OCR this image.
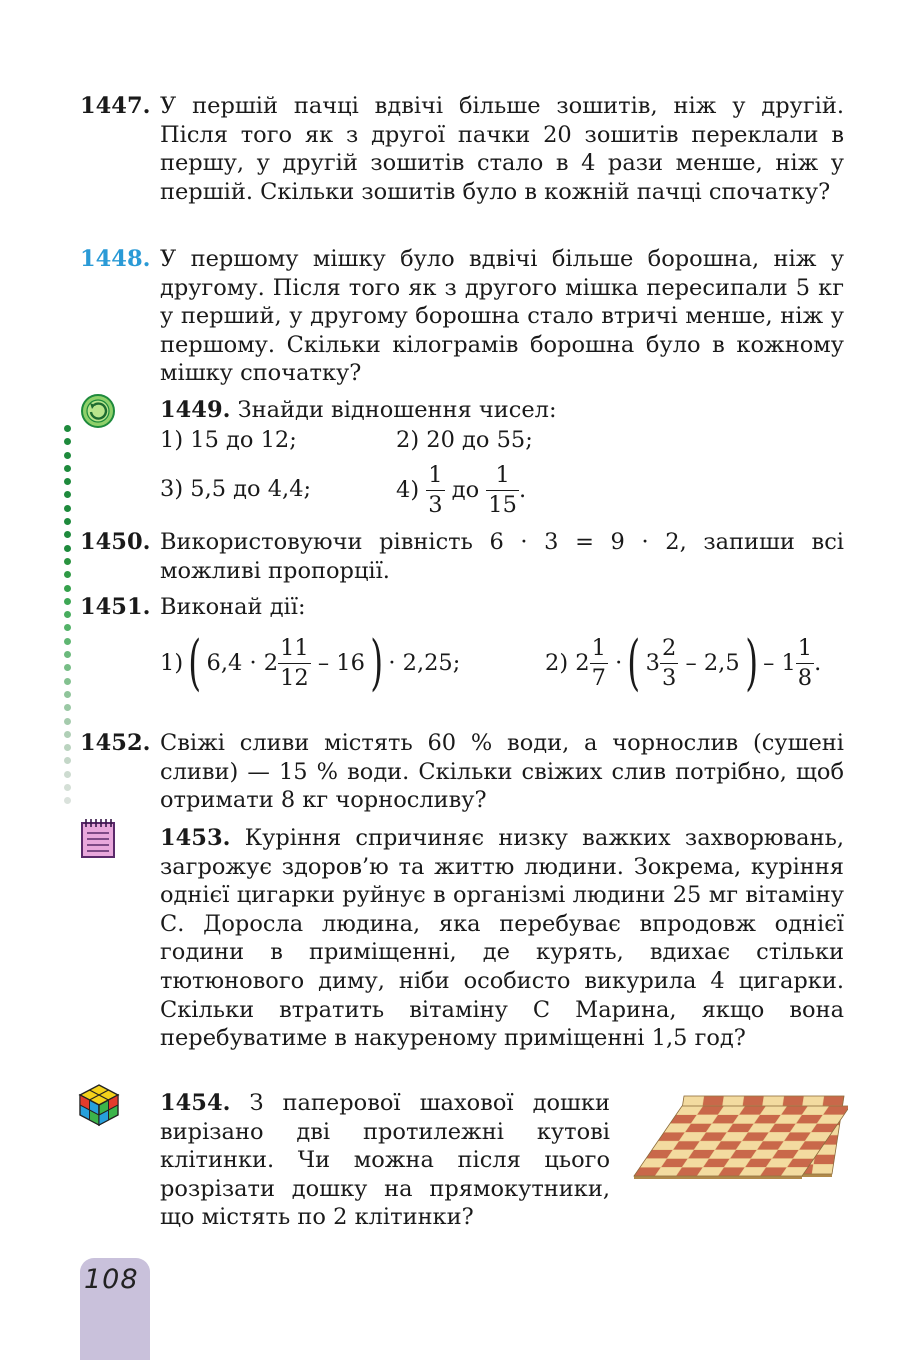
1447. У першій пачці вдвічі більше зошитів, ніж у другій. Після того як з другої пачки 20 зошитів переклали в першу, у другій зошитів стало в 4 рази менше, ніж у першій. Скільки зошитів було в кожній пачці спочатку?
1448. У першому мішку було вдвічі більше борошна, ніж у другому. Після того як з другого мішка пересипали 5 кг у перший, у другому борошна стало втричі менше, ніж у першому. Скільки кілограмів борошна було в кожному мішку спочатку?
1449. Знайди відношення чисел:
1) 15 до 12;	2) 20 до 55;
3) 5,5 до 4,4;	4)
$\frac{1}{3}$
до
$\frac{1}{15}$ .
1450. Використовуючи рівність 6 · 3 = 9 · 2, запиши всі можливі пропорції.
1451. Виконай дії:
1) ( $6,4 \cdot 2 \frac{11}{12}$
– 16 ) · 2,25;	2)
$2 \frac{1}{7}$
· ( $3 \frac{2}{3}$
– 2,5 ) – $1 \frac{1}{8}$ .
1452. Свіжі сливи містять 60 % води, а чорнослив (сушені сливи) — 15 % води. Скільки свіжих слив потрібно, щоб отримати 8 кг чорносливу?
1453. Куріння спричиняє низку важких захворювань, загрожує здоров’ю та життю людини. Зокрема, куріння однієї цигарки руйнує в організмі людини 25 мг вітаміну С. Доросла людина, яка перебуває впродовж однієї години в приміщенні, де курять, вдихає стільки тютюнового диму, ніби особисто викурила 4 цигарки. Скільки втратить вітаміну С Марина, якщо вона перебуватиме в накуреному приміщенні 1,5 год?
1454. З паперової шахової дошки вирізано дві протилежні кутові клітинки. Чи можна після цього розрізати дошку на прямокутники, що містять по 2 клітинки?
108
